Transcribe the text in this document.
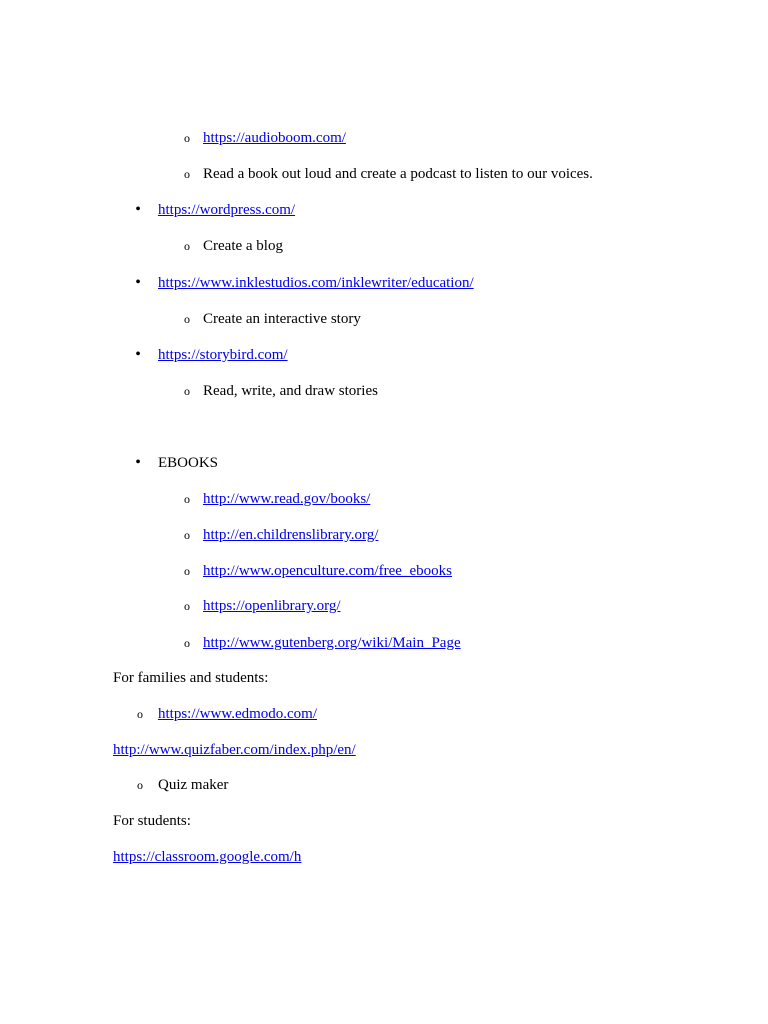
o https://audioboom.com/
o Read a book out loud and create a podcast to listen to our voices.
• https://wordpress.com/
o Create a blog
• https://www.inklestudios.com/inklewriter/education/
o Create an interactive story
• https://storybird.com/
o Read, write, and draw stories
• EBOOKS
o http://www.read.gov/books/
o http://en.childrenslibrary.org/
o http://www.openculture.com/free_ebooks
o https://openlibrary.org/
o http://www.gutenberg.org/wiki/Main_Page
For families and students:
o https://www.edmodo.com/
http://www.quizfaber.com/index.php/en/
o Quiz maker
For students:
https://classroom.google.com/h
